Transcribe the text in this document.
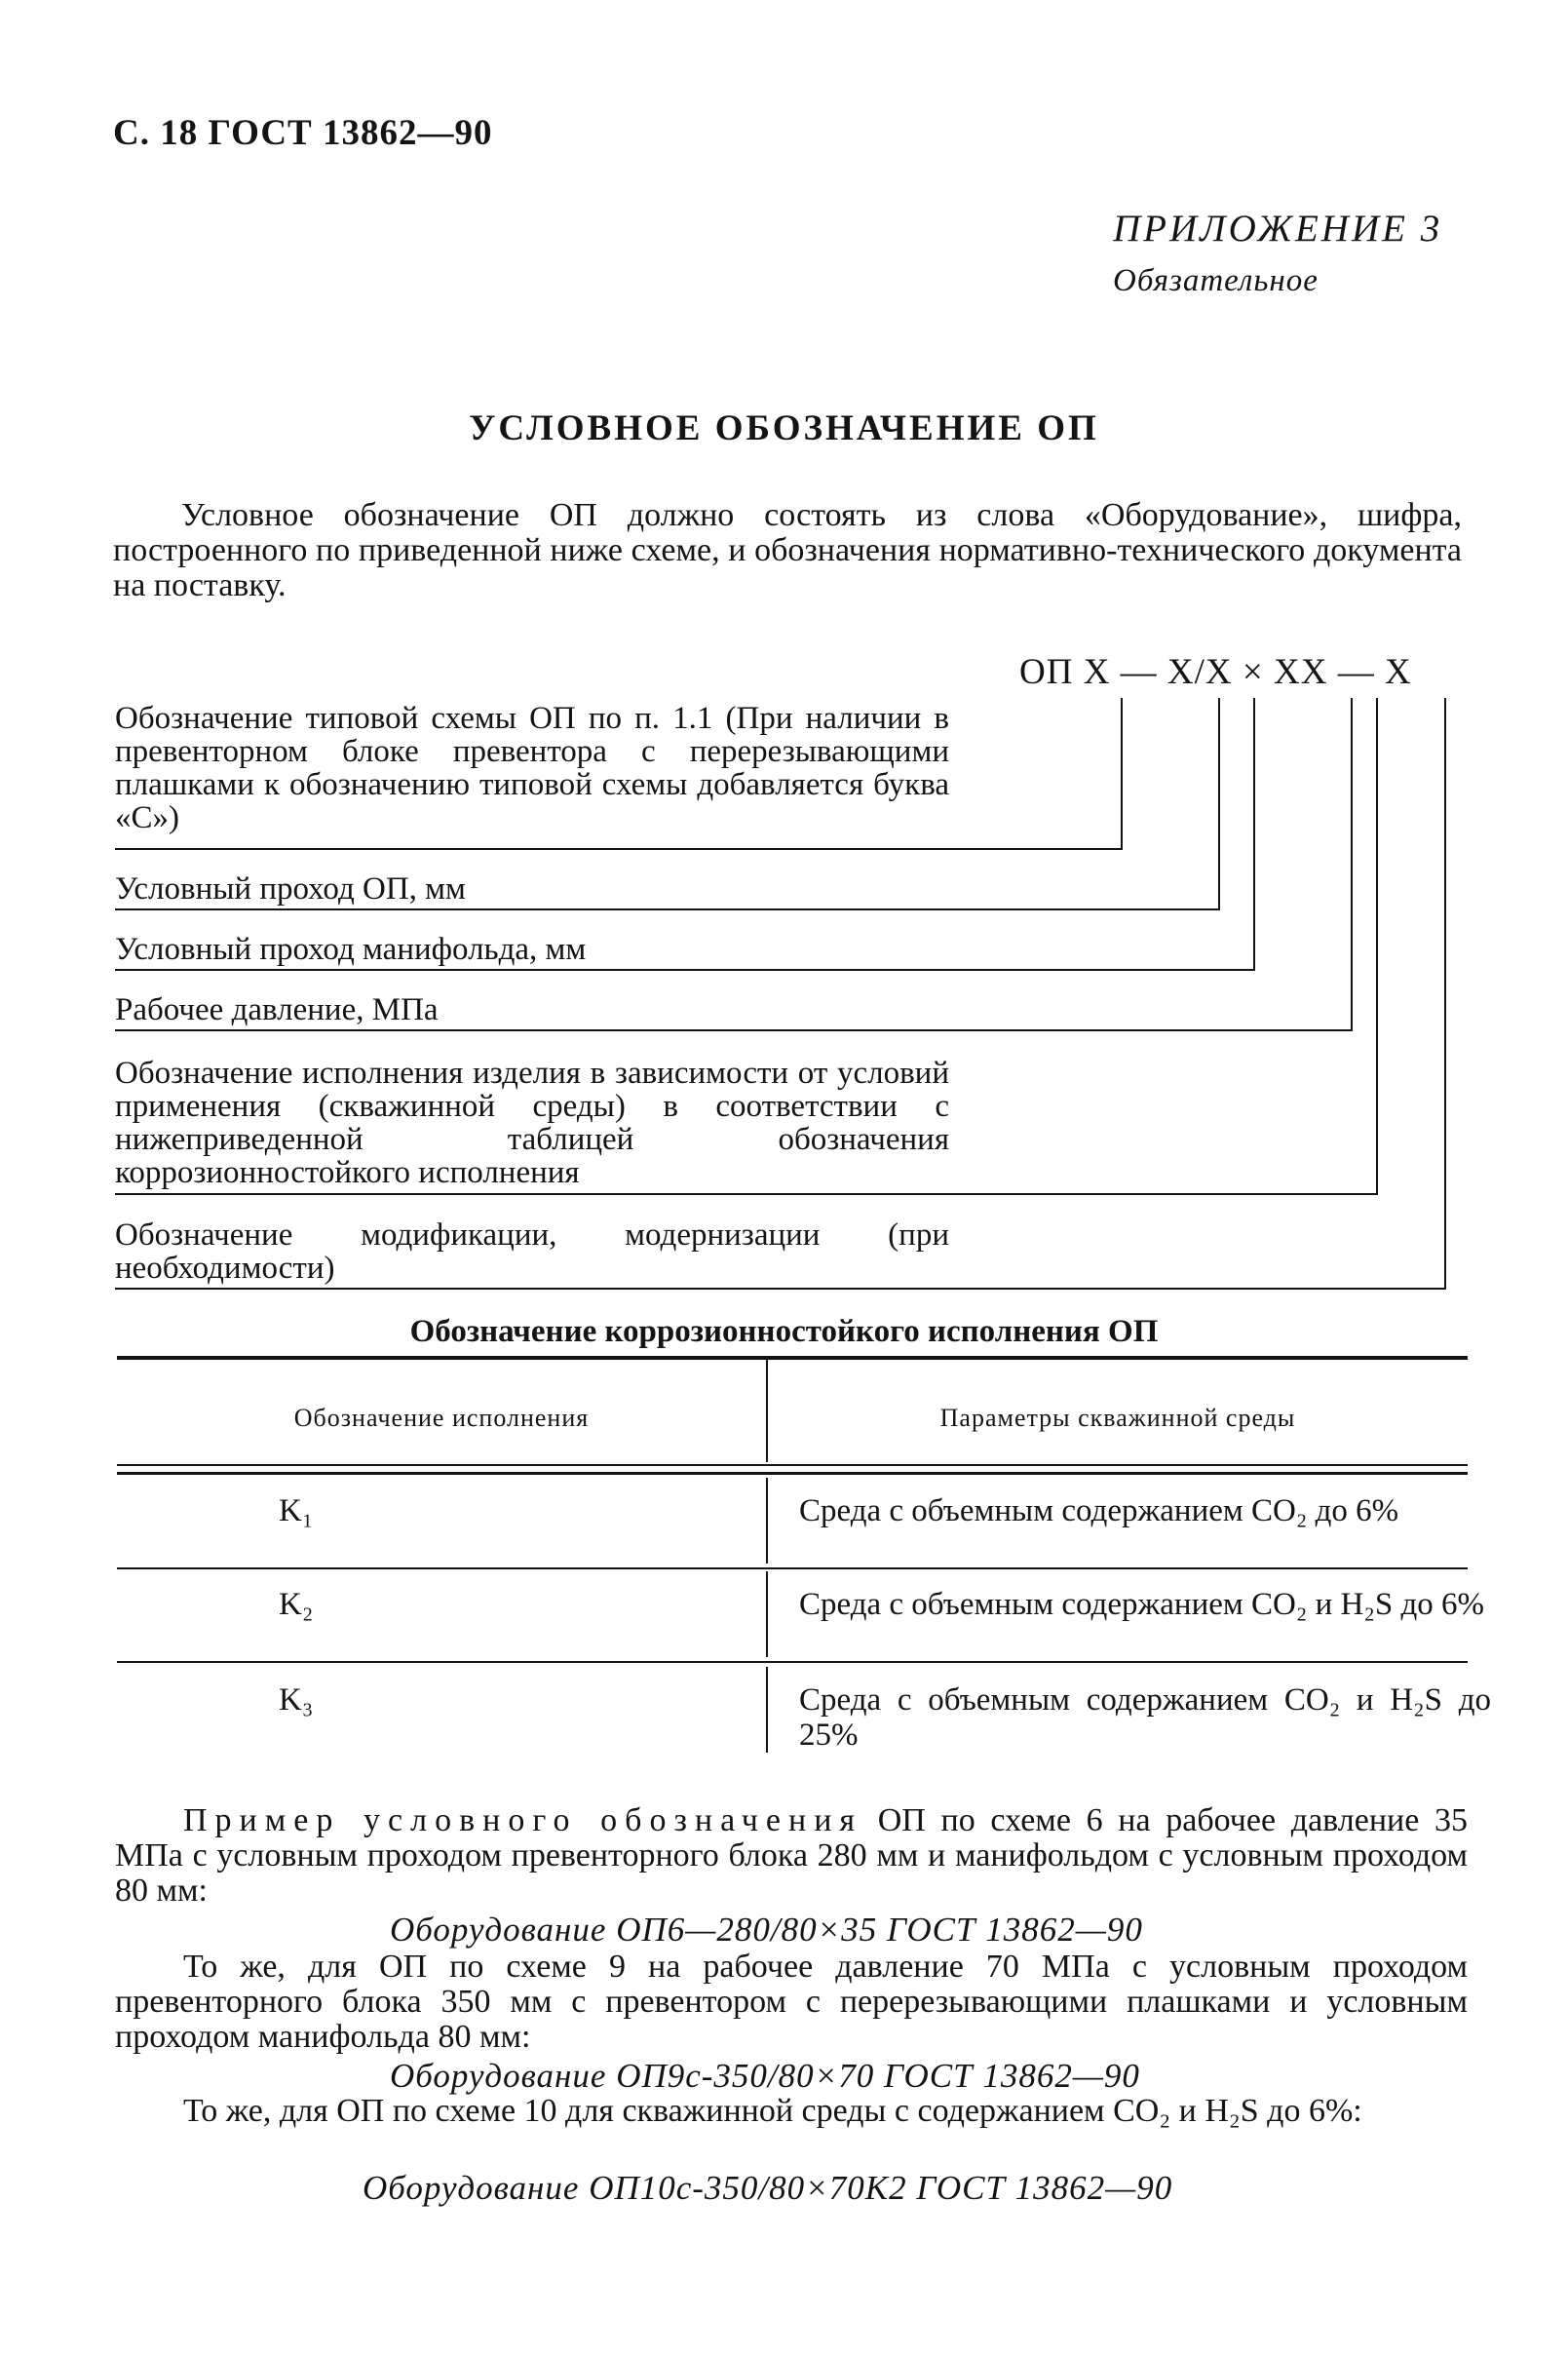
С. 18 ГОСТ 13862—90
ПРИЛОЖЕНИЕ 3
Обязательное
УСЛОВНОЕ ОБОЗНАЧЕНИЕ ОП
Условное обозначение ОП должно состоять из слова «Оборудование», шифра, построенного по приведенной ниже схеме, и обозначения нормативно-технического документа на поставку.
ОП X — X/X × XX — X
Обозначение типовой схемы ОП по п. 1.1 (При наличии в превенторном блоке превентора с перерезывающими плашками к обозначению типовой схемы добавляется буква «С»)
Условный проход ОП, мм
Условный проход манифольда, мм
Рабочее давление, МПа
Обозначение исполнения изделия в зависимости от условий применения (скважинной среды) в соответствии с нижеприведенной таблицей обозначения коррозионностойкого исполнения
Обозначение модификации, модернизации (при необходимости)
Обозначение коррозионностойкого исполнения ОП
Обозначение исполнения	Параметры скважинной среды
K₁	Среда с объемным содержанием CO₂ до 6%
K₂	Среда с объемным содержанием CO₂ и H₂S до 6%
K₃	Среда с объемным содержанием CO₂ и H₂S до 25%
Пример условного обозначения ОП по схеме 6 на рабочее давление 35 МПа с условным проходом превенторного блока 280 мм и манифольдом с условным проходом 80 мм:
Оборудование ОП6—280/80×35 ГОСТ 13862—90
То же, для ОП по схеме 9 на рабочее давление 70 МПа с условным проходом превенторного блока 350 мм с превентором с перерезывающими плашками и условным проходом манифольда 80 мм:
Оборудование ОП9с-350/80×70 ГОСТ 13862—90
То же, для ОП по схеме 10 для скважинной среды с содержанием CO₂ и H₂S до 6%:
Оборудование ОП10с-350/80×70K2 ГОСТ 13862—90
